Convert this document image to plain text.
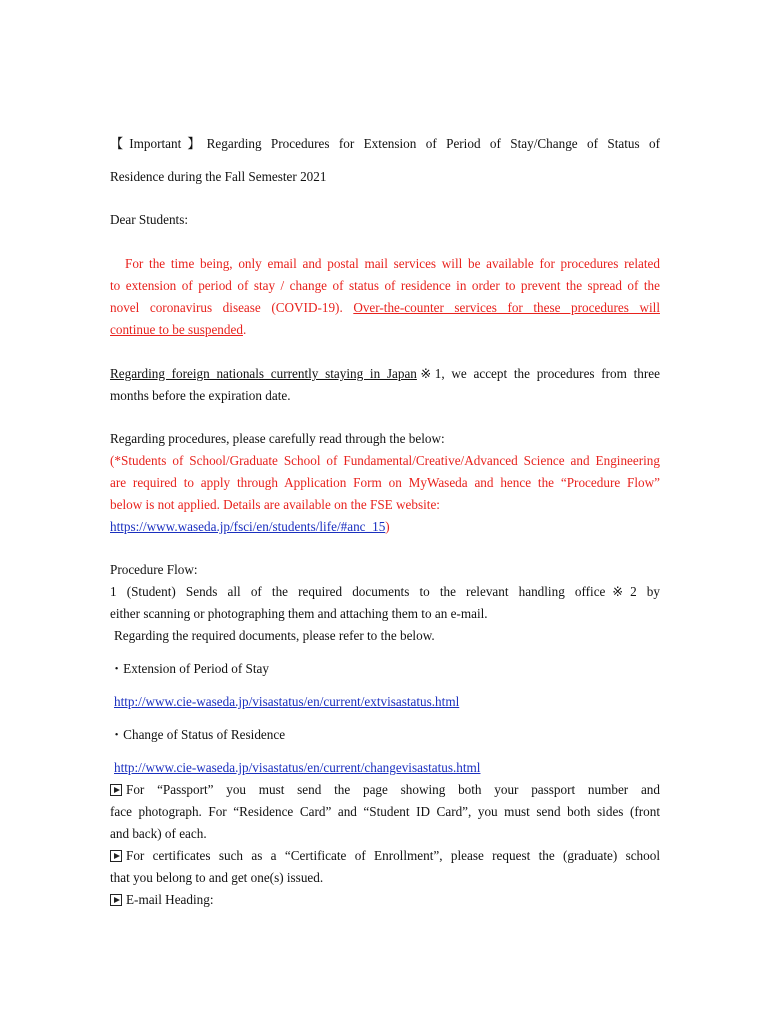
【Important】Regarding Procedures for Extension of Period of Stay/Change of Status of
Residence during the Fall Semester 2021
Dear Students:
For the time being, only email and postal mail services will be available for procedures related
to extension of period of stay / change of status of residence in order to prevent the spread of the
novel coronavirus disease (COVID-19). Over-the-counter services for these procedures will
continue to be suspended.
Regarding foreign nationals currently staying in Japan※1, we accept the procedures from three
months before the expiration date.
Regarding procedures, please carefully read through the below:
(*Students of School/Graduate School of Fundamental/Creative/Advanced Science and Engineering
are required to apply through Application Form on MyWaseda and hence the “Procedure Flow”
below is not applied. Details are available on the FSE website:
https://www.waseda.jp/fsci/en/students/life/#anc_15)
Procedure Flow:
1 (Student) Sends all of the required documents to the relevant handling office※2 by
either scanning or photographing them and attaching them to an e-mail.
Regarding the required documents, please refer to the below.
・Extension of Period of Stay
http://www.cie-waseda.jp/visastatus/en/current/extvisastatus.html
・Change of Status of Residence
http://www.cie-waseda.jp/visastatus/en/current/changevisastatus.html
For “Passport” you must send the page showing both your passport number and
face photograph. For “Residence Card” and “Student ID Card”, you must send both sides (front
and back) of each.
For certificates such as a “Certificate of Enrollment”, please request the (graduate) school
that you belong to and get one(s) issued.
E-mail Heading:
